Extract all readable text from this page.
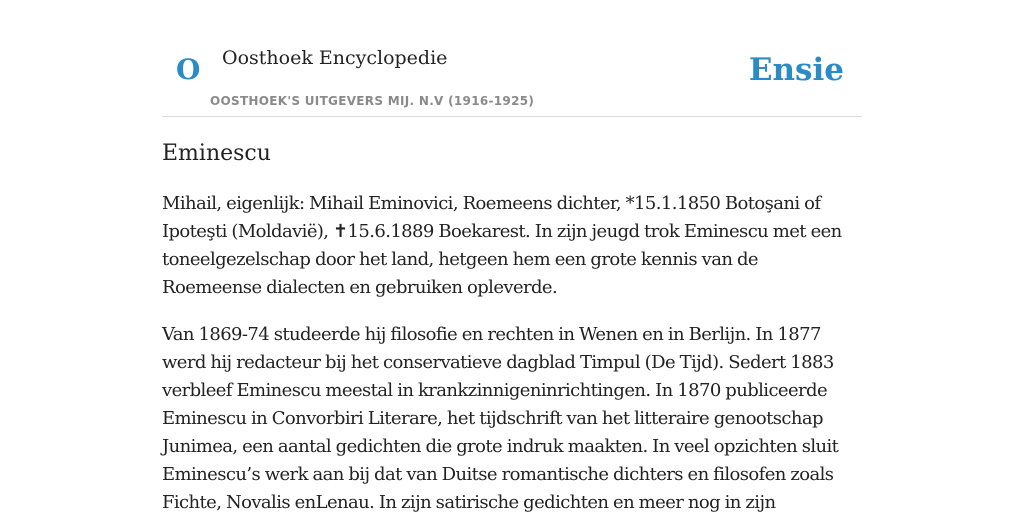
O Oosthoek Encyclopedie
OOSTHOEK'S UITGEVERS MIJ. N.V (1916-1925)
Ensie
Eminescu

Mihail, eigenlijk: Mihail Eminovici, Roemeens dichter, *15.1.1850 Botoşani of Ipoteşti (Moldavië), ✝15.6.1889 Boekarest. In zijn jeugd trok Eminescu met een toneelgezelschap door het land, hetgeen hem een grote kennis van de Roemeense dialecten en gebruiken opleverde.

Van 1869-74 studeerde hij filosofie en rechten in Wenen en in Berlijn. In 1877 werd hij redacteur bij het conservatieve dagblad Timpul (De Tijd). Sedert 1883 verbleef Eminescu meestal in krankzinnigeninrichtingen. In 1870 publiceerde Eminescu in Convorbiri Literare, het tijdschrift van het litteraire genootschap Junimea, een aantal gedichten die grote indruk maakten. In veel opzichten sluit Eminescu’s werk aan bij dat van Duitse romantische dichters en filosofen zoals Fichte, Novalis enLenau. In zijn satirische gedichten en meer nog in zijn
